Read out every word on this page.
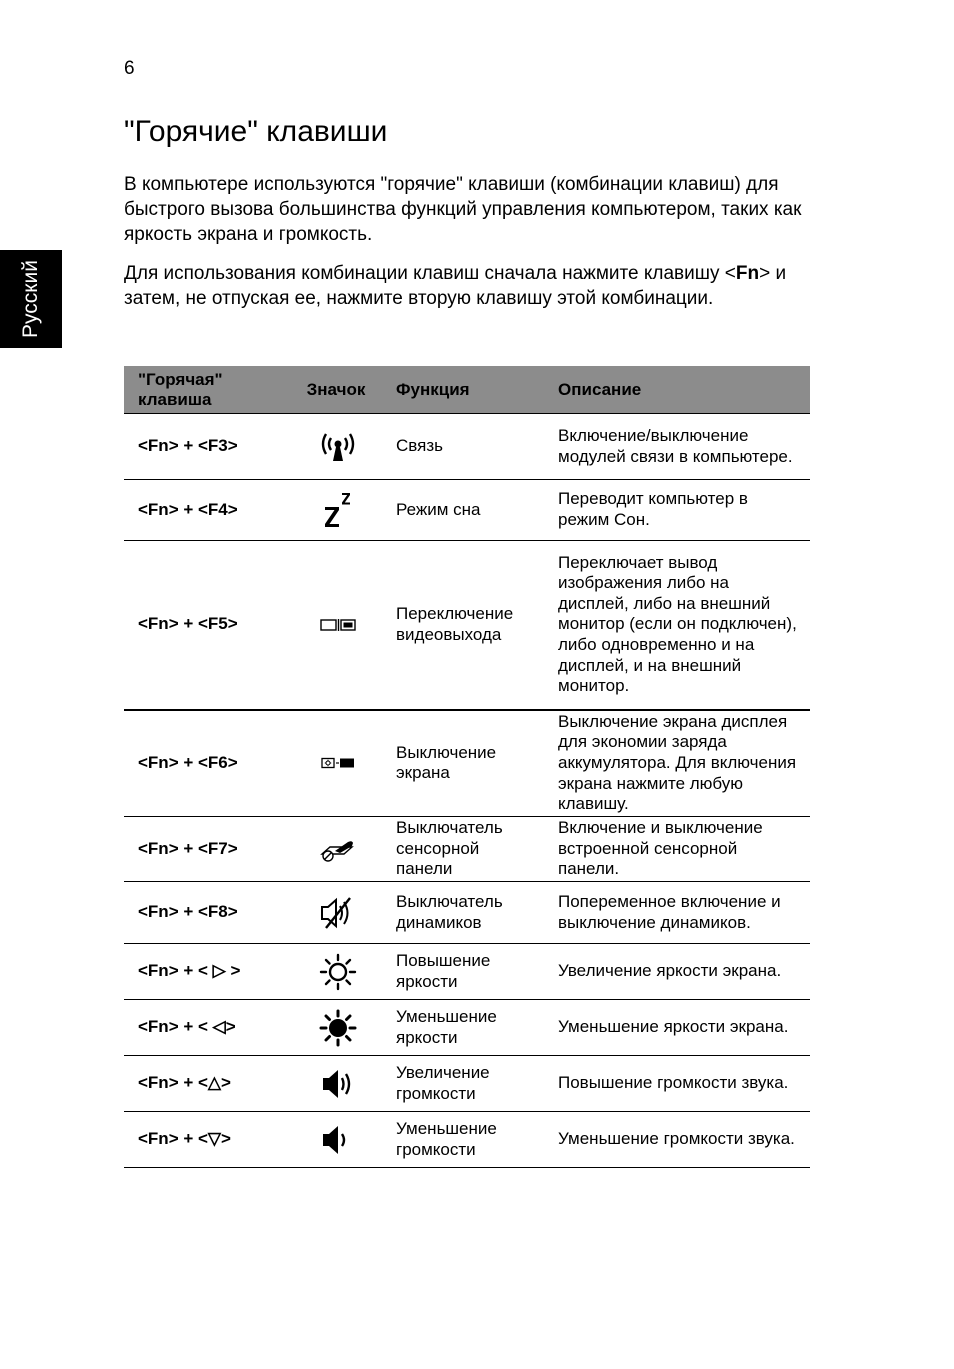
6
Русский
"Горячие" клавиши

В компьютере используются "горячие" клавиши (комбинации клавиш) для быстрого вызова большинства функций управления компьютером, таких как яркость экрана и громкость.

Для использования комбинации клавиш сначала нажмите клавишу <Fn> и затем, не отпуская ее, нажмите вторую клавишу этой комбинации.

"Горячая" клавиша	Значок	Функция	Описание
<Fn> + <F3>		Связь	Включение/выключение модулей связи в компьютере.
<Fn> + <F4>		Режим сна	Переводит компьютер в режим Сон.
<Fn> + <F5>		Переключение видеовыхода	Переключает вывод изображения либо на дисплей, либо на внешний монитор (если он подключен), либо одновременно и на дисплей, и на внешний монитор.
<Fn> + <F6>		Выключение экрана	Выключение экрана дисплея для экономии заряда аккумулятора. Для включения экрана нажмите любую клавишу.
<Fn> + <F7>		Выключатель сенсорной панели	Включение и выключение встроенной сенсорной панели.
<Fn> + <F8>		Выключатель динамиков	Попеременное включение и выключение динамиков.
<Fn> + < ▷ >		Повышение яркости	Увеличение яркости экрана.
<Fn> + < ◁>		Уменьшение яркости	Уменьшение яркости экрана.
<Fn> + <△>		Увеличение громкости	Повышение громкости звука.
<Fn> + <▽>		Уменьшение громкости	Уменьшение громкости звука.
